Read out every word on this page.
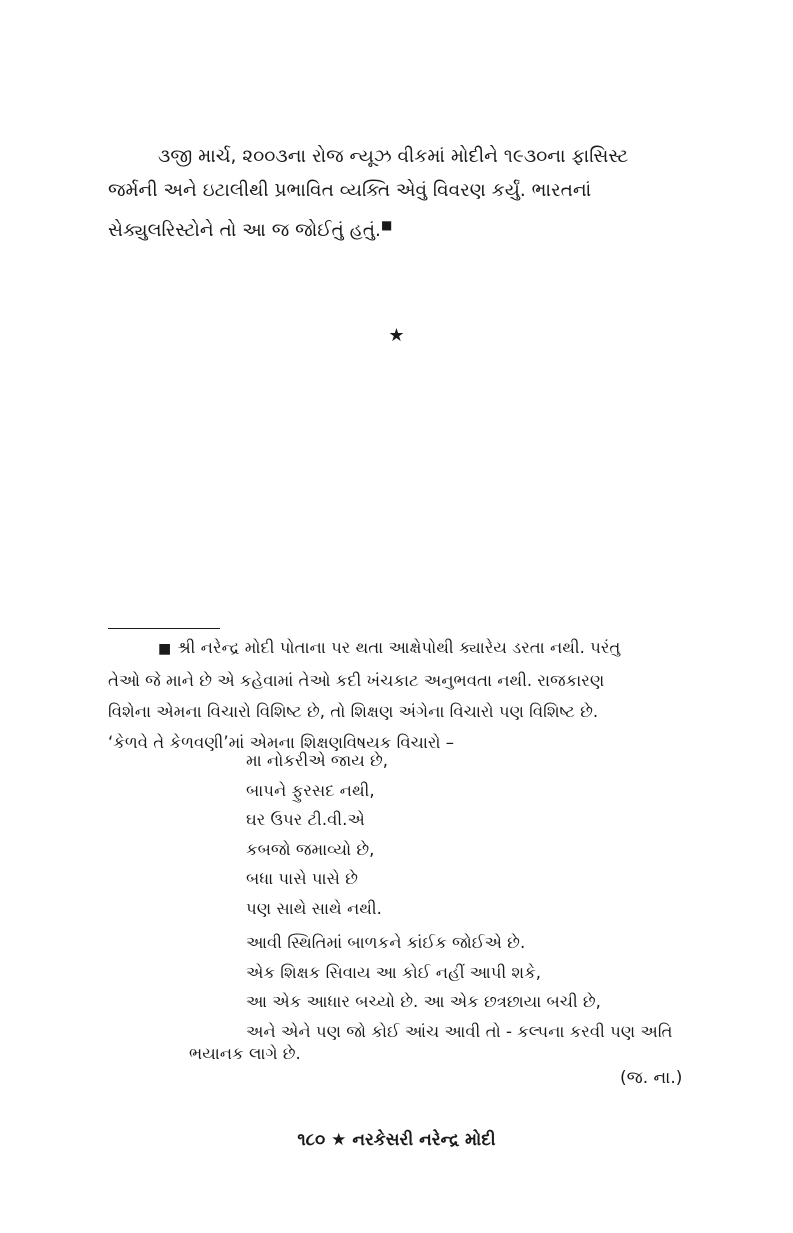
૩જી માર્ચ, ૨૦૦૩ના રોજ ન્યૂઝ વીકમાં મોદીને ૧૯૩૦ના ફાસિસ્ટ
જર્મની અને ઇટાલીથી પ્રભાવિત વ્યક્તિ એવું વિવરણ કર્યું. ભારતનાં
સેક્યુલરિસ્ટોને તો આ જ જોઈતું હતું.■

★
■ શ્રી નરેન્દ્ર મોદી પોતાના પર થતા આક્ષેપોથી ક્યારેય ડરતા નથી. પરંતુ
તેઓ જે માને છે એ કહેવામાં તેઓ કદી ખંચકાટ અનુભવતા નથી. રાજકારણ
વિશેના એમના વિચારો વિશિષ્ટ છે, તો શિક્ષણ અંગેના વિચારો પણ વિશિષ્ટ છે.
‘કેળવે તે કેળવણી’માં એમના શિક્ષણવિષયક વિચારો –
મા નોકરીએ જાય છે,
બાપને ફુરસદ નથી,
ઘર ઉપર ટી.વી.એ
કબજો જમાવ્યો છે,
બધા પાસે પાસે છે
પણ સાથે સાથે નથી.
આવી સ્થિતિમાં બાળકને કાંઈક જોઈએ છે.
એક શિક્ષક સિવાય આ કોઈ નહીં આપી શકે,
આ એક આધાર બચ્યો છે. આ એક છત્રછાયા બચી છે,
અને એને પણ જો કોઈ આંચ આવી તો - કલ્પના કરવી પણ અતિ
ભયાનક લાગે છે.
(જ. ના.)
૧૮૦ ★ નરકેસરી નરેન્દ્ર મોદી
